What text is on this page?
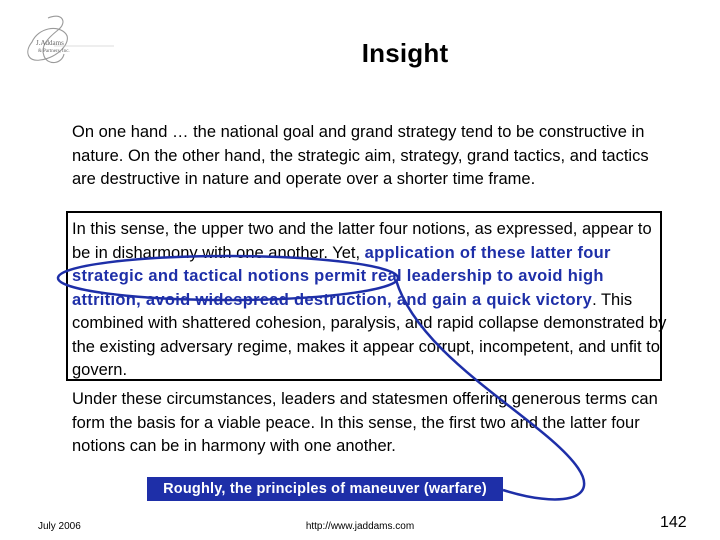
J.Addams
& Partners, Inc.	Insight
On one hand … the national goal and grand strategy tend to be constructive in nature. On the other hand, the strategic aim, strategy, grand tactics, and tactics are destructive in nature and operate over a shorter time frame.
In this sense, the upper two and the latter four notions, as expressed, appear to be in disharmony with one another. Yet, application of these latter four strategic and tactical notions permit real leadership to avoid high attrition, avoid widespread destruction, and gain a quick victory. This combined with shattered cohesion, paralysis, and rapid collapse demonstrated by the existing adversary regime, makes it appear corrupt, incompetent, and unfit to govern.
Under these circumstances, leaders and statesmen offering generous terms can form the basis for a viable peace. In this sense, the first two and the latter four notions can be in harmony with one another.
Roughly, the principles of maneuver (warfare)
July 2006	http://www.jaddams.com	142
